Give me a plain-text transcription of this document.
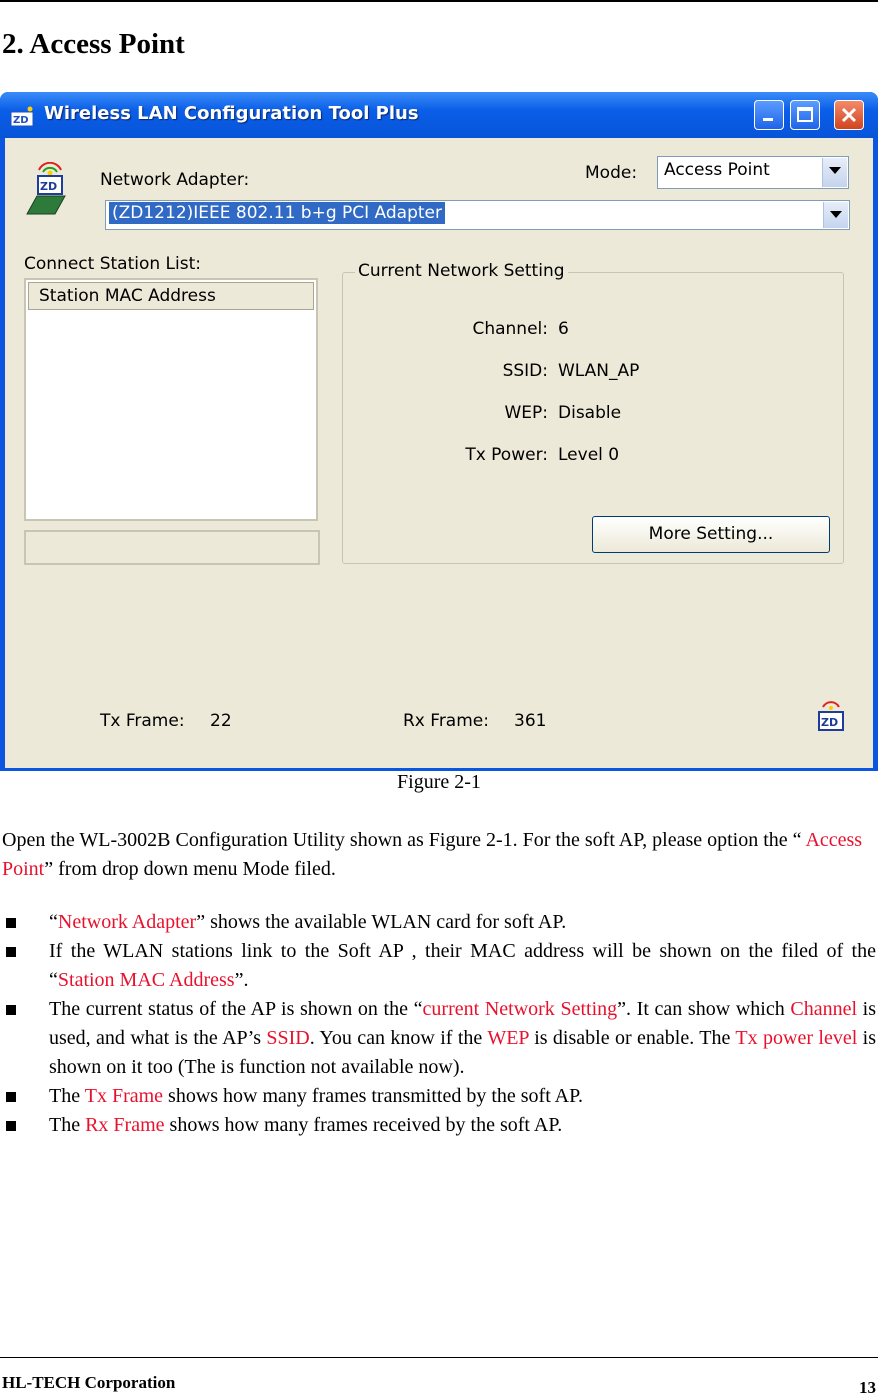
2. Access Point
ZD Wireless LAN Configuration Tool Plus
ZD	Network Adapter:	Mode: Access Point
(ZD1212)IEEE 802.11 b+g PCI Adapter
Connect Station List:
Station MAC Address
Current Network Setting
Channel: 6
SSID: WLAN_AP
WEP: Disable
Tx Power: Level 0
More Setting...
Tx Frame: 22	Rx Frame: 361	ZD
Figure 2-1
Open the WL-3002B Configuration Utility shown as Figure 2-1. For the soft AP, please option the “ Access Point” from drop down menu Mode filed.
“Network Adapter” shows the available WLAN card for soft AP.
If the WLAN stations link to the Soft AP , their MAC address will be shown on the filed of the “Station MAC Address”.
The current status of the AP is shown on the “current Network Setting”. It can show which Channel is used, and what is the AP’s SSID. You can know if the WEP is disable or enable. The Tx power level is shown on it too (The is function not available now).
The Tx Frame shows how many frames transmitted by the soft AP.
The Rx Frame shows how many frames received by the soft AP.
HL-TECH Corporation	13
